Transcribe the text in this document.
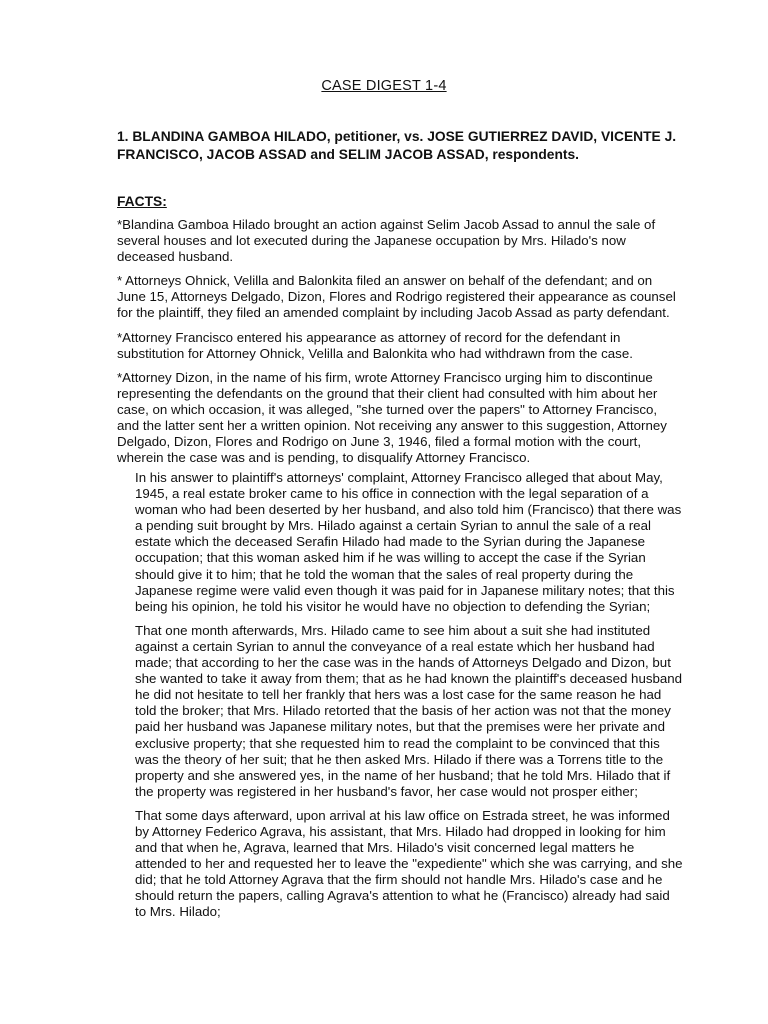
CASE DIGEST 1-4
1. BLANDINA GAMBOA HILADO, petitioner, vs. JOSE GUTIERREZ DAVID, VICENTE J. FRANCISCO, JACOB ASSAD and SELIM JACOB ASSAD, respondents.
FACTS:

*Blandina Gamboa Hilado brought an action against Selim Jacob Assad to annul the sale of several houses and lot executed during the Japanese occupation by Mrs. Hilado's now deceased husband.

* Attorneys Ohnick, Velilla and Balonkita filed an answer on behalf of the defendant; and on June 15, Attorneys Delgado, Dizon, Flores and Rodrigo registered their appearance as counsel for the plaintiff, they filed an amended complaint by including Jacob Assad as party defendant.

*Attorney Francisco entered his appearance as attorney of record for the defendant in substitution for Attorney Ohnick, Velilla and Balonkita who had withdrawn from the case.

*Attorney Dizon, in the name of his firm, wrote Attorney Francisco urging him to discontinue representing the defendants on the ground that their client had consulted with him about her case, on which occasion, it was alleged, "she turned over the papers" to Attorney Francisco, and the latter sent her a written opinion. Not receiving any answer to this suggestion, Attorney Delgado, Dizon, Flores and Rodrigo on June 3, 1946, filed a formal motion with the court, wherein the case was and is pending, to disqualify Attorney Francisco.

In his answer to plaintiff's attorneys' complaint, Attorney Francisco alleged that about May, 1945, a real estate broker came to his office in connection with the legal separation of a woman who had been deserted by her husband, and also told him (Francisco) that there was a pending suit brought by Mrs. Hilado against a certain Syrian to annul the sale of a real estate which the deceased Serafin Hilado had made to the Syrian during the Japanese occupation; that this woman asked him if he was willing to accept the case if the Syrian should give it to him; that he told the woman that the sales of real property during the Japanese regime were valid even though it was paid for in Japanese military notes; that this being his opinion, he told his visitor he would have no objection to defending the Syrian;

That one month afterwards, Mrs. Hilado came to see him about a suit she had instituted against a certain Syrian to annul the conveyance of a real estate which her husband had made; that according to her the case was in the hands of Attorneys Delgado and Dizon, but she wanted to take it away from them; that as he had known the plaintiff's deceased husband he did not hesitate to tell her frankly that hers was a lost case for the same reason he had told the broker; that Mrs. Hilado retorted that the basis of her action was not that the money paid her husband was Japanese military notes, but that the premises were her private and exclusive property; that she requested him to read the complaint to be convinced that this was the theory of her suit; that he then asked Mrs. Hilado if there was a Torrens title to the property and she answered yes, in the name of her husband; that he told Mrs. Hilado that if the property was registered in her husband's favor, her case would not prosper either;

That some days afterward, upon arrival at his law office on Estrada street, he was informed by Attorney Federico Agrava, his assistant, that Mrs. Hilado had dropped in looking for him and that when he, Agrava, learned that Mrs. Hilado's visit concerned legal matters he attended to her and requested her to leave the "expediente" which she was carrying, and she did; that he told Attorney Agrava that the firm should not handle Mrs. Hilado's case and he should return the papers, calling Agrava's attention to what he (Francisco) already had said to Mrs. Hilado;
